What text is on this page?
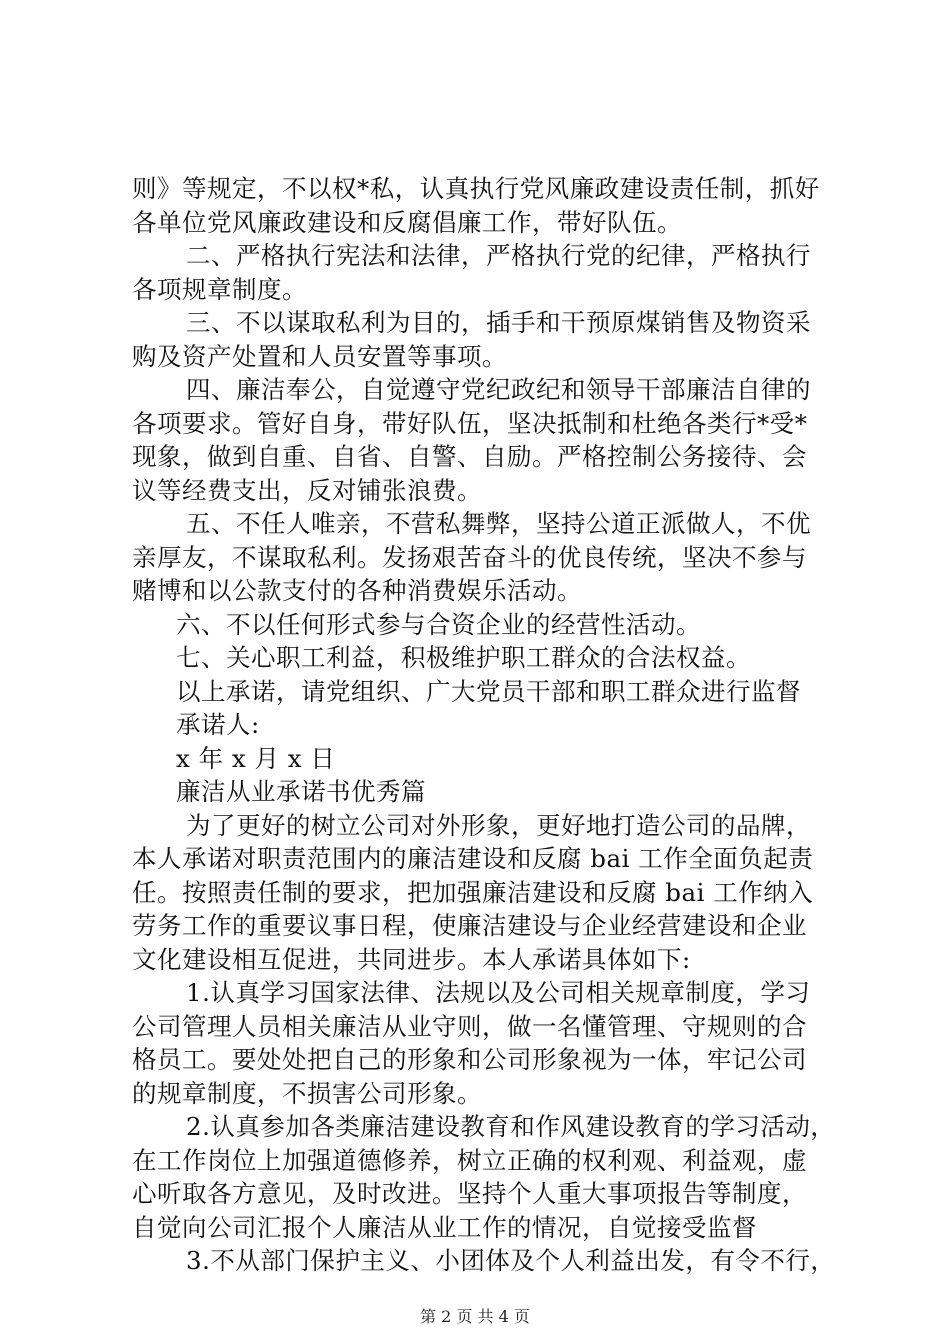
则》等规定，不以权*私，认真执行党风廉政建设责任制，抓好
各单位党风廉政建设和反腐倡廉工作，带好队伍。
二、严格执行宪法和法律，严格执行党的纪律，严格执行
各项规章制度。
三、不以谋取私利为目的，插手和干预原煤销售及物资采
购及资产处置和人员安置等事项。
四、廉洁奉公，自觉遵守党纪政纪和领导干部廉洁自律的
各项要求。管好自身，带好队伍，坚决抵制和杜绝各类行*受*
现象，做到自重、自省、自警、自励。严格控制公务接待、会
议等经费支出，反对铺张浪费。
五、不任人唯亲，不营私舞弊，坚持公道正派做人，不优
亲厚友，不谋取私利。发扬艰苦奋斗的优良传统，坚决不参与
赌博和以公款支付的各种消费娱乐活动。
六、不以任何形式参与合资企业的经营性活动。
七、关心职工利益，积极维护职工群众的合法权益。
以上承诺，请党组织、广大党员干部和职工群众进行监督
承诺人:
x 年 x 月 x 日
廉洁从业承诺书优秀篇
为了更好的树立公司对外形象，更好地打造公司的品牌，
本人承诺对职责范围内的廉洁建设和反腐 bai 工作全面负起责
任。按照责任制的要求，把加强廉洁建设和反腐 bai 工作纳入
劳务工作的重要议事日程，使廉洁建设与企业经营建设和企业
文化建设相互促进，共同进步。本人承诺具体如下:
1.认真学习国家法律、法规以及公司相关规章制度，学习
公司管理人员相关廉洁从业守则，做一名懂管理、守规则的合
格员工。要处处把自己的形象和公司形象视为一体，牢记公司
的规章制度，不损害公司形象。
2.认真参加各类廉洁建设教育和作风建设教育的学习活动，
在工作岗位上加强道德修养，树立正确的权利观、利益观，虚
心听取各方意见，及时改进。坚持个人重大事项报告等制度，
自觉向公司汇报个人廉洁从业工作的情况，自觉接受监督
3.不从部门保护主义、小团体及个人利益出发，有令不行，
第 2 页 共 4 页
